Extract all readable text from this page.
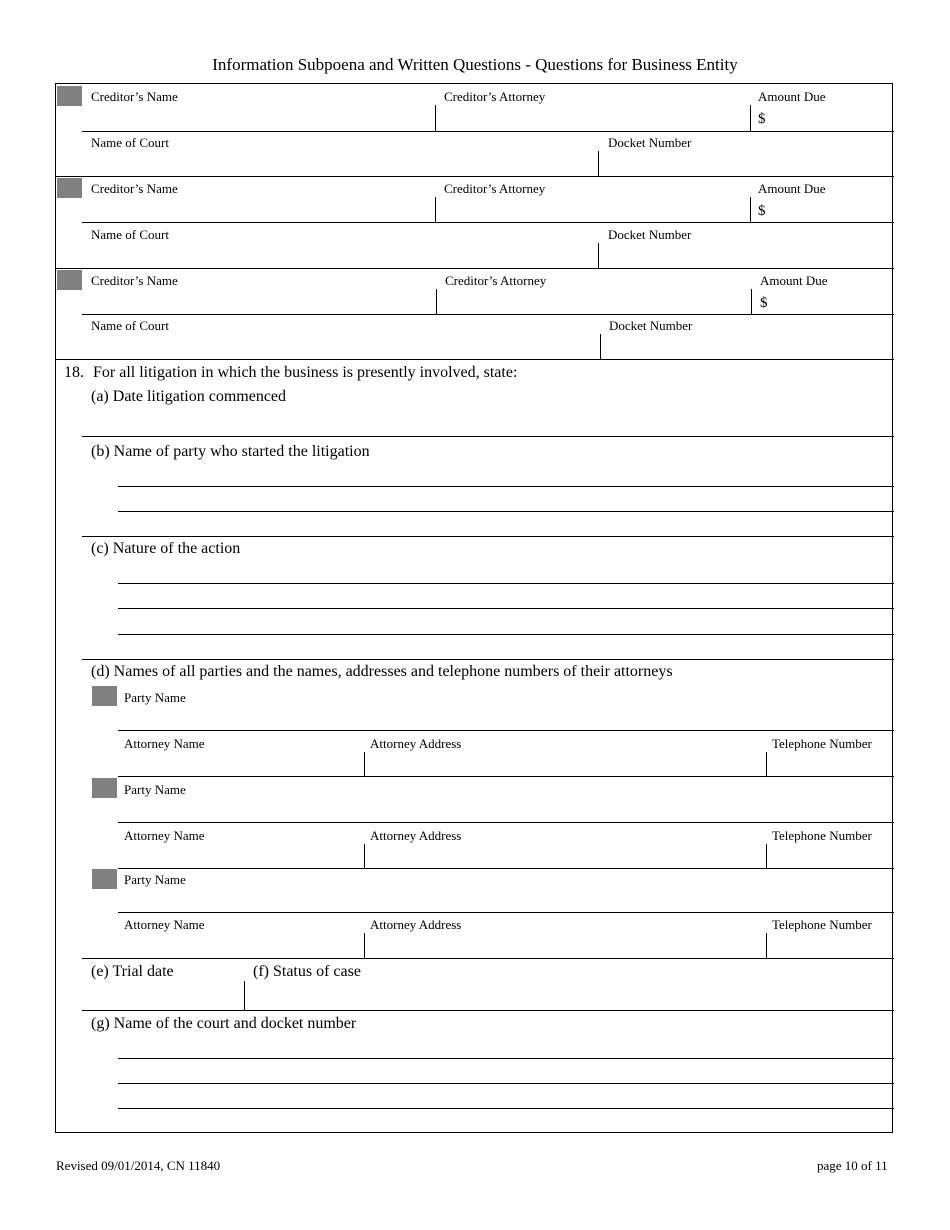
Information Subpoena and Written Questions - Questions for Business Entity
Creditor’s Name	Creditor’s Attorney	Amount Due
$
Name of Court	Docket Number
Creditor’s Name	Creditor’s Attorney	Amount Due
$
Name of Court	Docket Number
Creditor’s Name	Creditor’s Attorney	Amount Due
$
Name of Court	Docket Number
18. For all litigation in which the business is presently involved, state:
(a) Date litigation commenced
(b) Name of party who started the litigation
(c) Nature of the action
(d) Names of all parties and the names, addresses and telephone numbers of their attorneys
Party Name
Attorney Name	Attorney Address	Telephone Number
Party Name
Attorney Name	Attorney Address	Telephone Number
Party Name
Attorney Name	Attorney Address	Telephone Number
(e) Trial date	(f) Status of case
(g) Name of the court and docket number
Revised 09/01/2014, CN 11840	page 10 of 11
